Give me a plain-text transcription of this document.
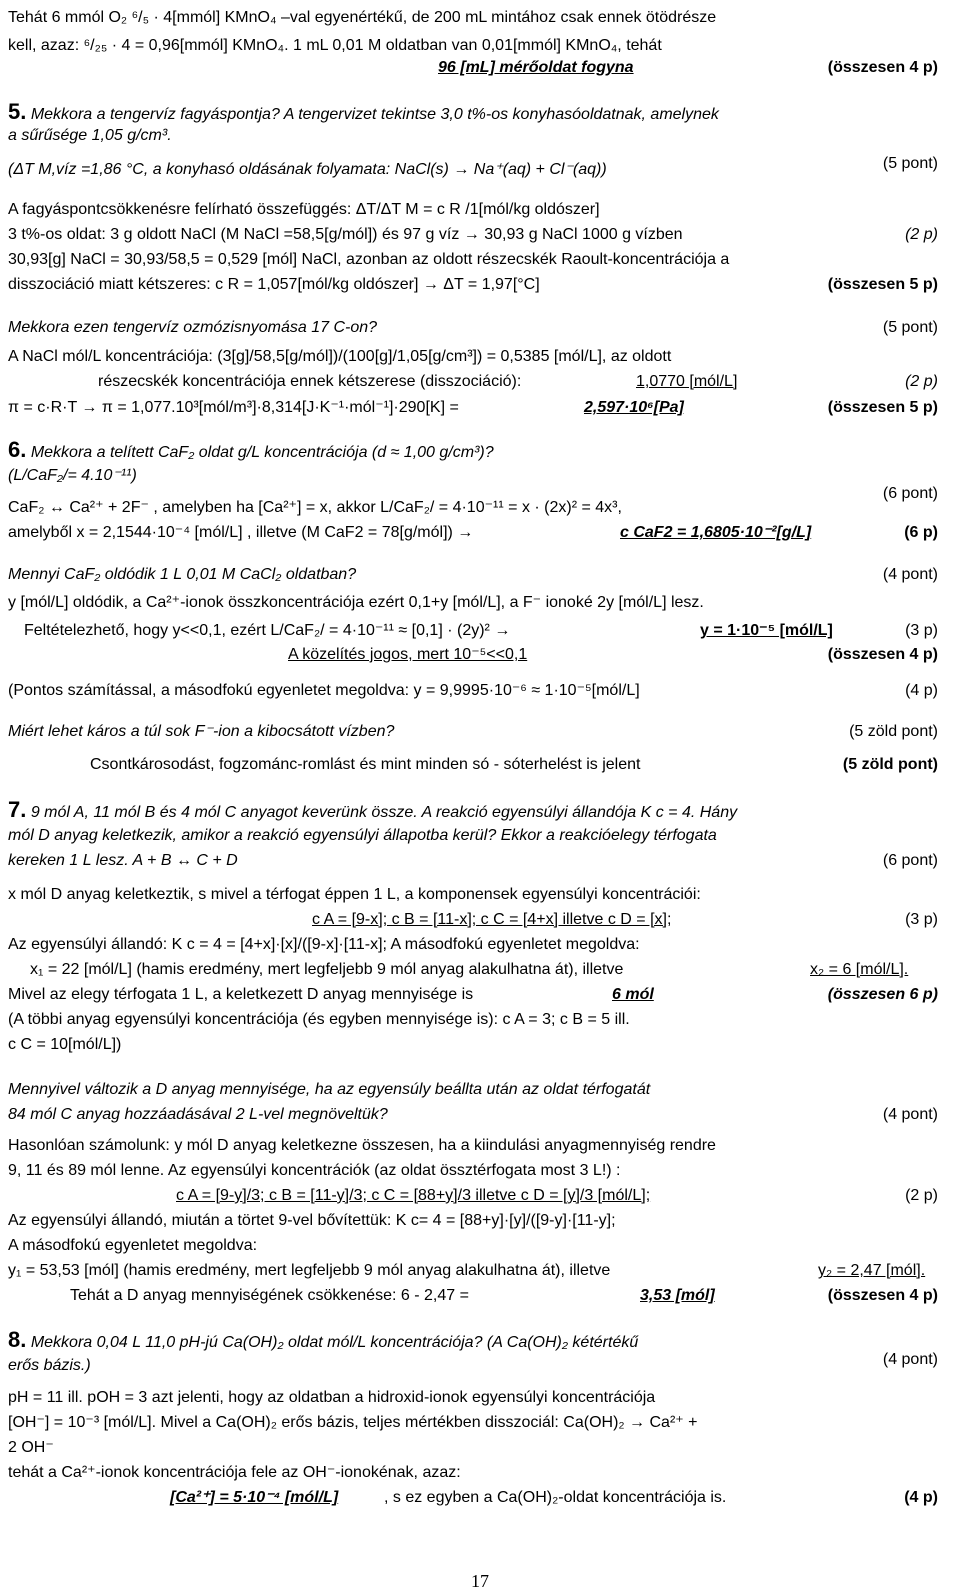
Tehát 6 mmól O₂ ⁶/₅ · 4[mmól] KMnO₄ –val egyenértékű, de 200 mL mintához csak ennek ötödrésze
kell, azaz: ⁶/₂₅ · 4 = 0,96[mmól] KMnO₄. 1 mL 0,01 M oldatban van 0,01[mmól] KMnO₄, tehát
96 [mL] mérőoldat fogyna	(összesen 4 p)
5. Mekkora a tengervíz fagyáspontja? A tengervizet tekintse 3,0 t%-os konyhasóoldatnak, amelynek
a sűrűsége 1,05 g/cm³.
(ΔT M,víz =1,86 °C, a konyhasó oldásának folyamata: NaCl(s) → Na⁺(aq) + Cl⁻(aq))	(5 pont)
A fagyáspontcsökkenésre felírható összefüggés: ΔT/ΔT M = c R /1[mól/kg oldószer]
3 t%-os oldat: 3 g oldott NaCl (M NaCl =58,5[g/mól]) és 97 g víz → 30,93 g NaCl 1000 g vízben	(2 p)
30,93[g] NaCl = 30,93/58,5 = 0,529 [mól] NaCl, azonban az oldott részecskék Raoult-koncentrációja a
disszociáció miatt kétszeres: c R = 1,057[mól/kg oldószer] → ΔT = 1,97[°C]	(összesen 5 p)
Mekkora ezen tengervíz ozmózisnyomása 17 C-on?	(5 pont)
A NaCl mól/L koncentrációja: (3[g]/58,5[g/mól])/(100[g]/1,05[g/cm³]) = 0,5385 [mól/L], az oldott
részecskék koncentrációja ennek kétszerese (disszociáció):	1,0770 [mól/L]	(2 p)
π = c·R·T → π = 1,077.10³[mól/m³]·8,314[J·K⁻¹·mól⁻¹]·290[K] =	2,597·10⁶[Pa]	(összesen 5 p)
6. Mekkora a telített CaF₂ oldat g/L koncentrációja (d ≈ 1,00 g/cm³)?
(L/CaF₂/= 4.10⁻¹¹)
(6 pont)
CaF₂ ↔ Ca²⁺ + 2F⁻ , amelyben ha [Ca²⁺] = x, akkor L/CaF₂/ = 4·10⁻¹¹ = x · (2x)² = 4x³,
amelyből x = 2,1544·10⁻⁴ [mól/L] , illetve (M CaF2 = 78[g/mól]) →	c CaF2 = 1,6805·10⁻²[g/L]	(6 p)
Mennyi CaF₂ oldódik 1 L 0,01 M CaCl₂ oldatban?	(4 pont)
y [mól/L] oldódik, a Ca²⁺-ionok összkoncentrációja ezért 0,1+y [mól/L], a F⁻ ionoké 2y [mól/L] lesz.
Feltételezhető, hogy y<<0,1, ezért L/CaF₂/ = 4·10⁻¹¹ ≈ [0,1] · (2y)² →	y = 1·10⁻⁵ [mól/L]	(3 p)
A közelítés jogos, mert 10⁻⁵<<0,1	(összesen 4 p)
(Pontos számítással, a másodfokú egyenletet megoldva: y = 9,9995·10⁻⁶ ≈ 1·10⁻⁵[mól/L]	(4 p)
Miért lehet káros a túl sok F⁻-ion a kibocsátott vízben?	(5 zöld pont)
Csontkárosodást, fogzománc-romlást és mint minden só - sóterhelést is jelent	(5 zöld pont)
7. 9 mól A, 11 mól B és 4 mól C anyagot keverünk össze. A reakció egyensúlyi állandója K c = 4. Hány
mól D anyag keletkezik, amikor a reakció egyensúlyi állapotba kerül? Ekkor a reakcióelegy térfogata
kereken 1 L lesz. A + B ↔ C + D	(6 pont)
x mól D anyag keletkeztik, s mivel a térfogat éppen 1 L, a komponensek egyensúlyi koncentrációi:
c A = [9-x]; c B = [11-x]; c C = [4+x] illetve c D = [x];	(3 p)
Az egyensúlyi állandó: K c = 4 = [4+x]·[x]/([9-x]·[11-x]; A másodfokú egyenletet megoldva:
x₁ = 22 [mól/L] (hamis eredmény, mert legfeljebb 9 mól anyag alakulhatna át), illetve	x₂ = 6 [mól/L].
Mivel az elegy térfogata 1 L, a keletkezett D anyag mennyisége is	6 mól	(összesen 6 p)
(A többi anyag egyensúlyi koncentrációja (és egyben mennyisége is): c A = 3; c B = 5 ill.
c C = 10[mól/L])
Mennyivel változik a D anyag mennyisége, ha az egyensúly beállta után az oldat térfogatát
84 mól C anyag hozzáadásával 2 L-vel megnöveltük?	(4 pont)
Hasonlóan számolunk: y mól D anyag keletkezne összesen, ha a kiindulási anyagmennyiség rendre
9, 11 és 89 mól lenne. Az egyensúlyi koncentrációk (az oldat össztérfogata most 3 L!) :
c A = [9-y]/3; c B = [11-y]/3; c C = [88+y]/3 illetve c D = [y]/3 [mól/L];	(2 p)
Az egyensúlyi állandó, miután a törtet 9-vel bővítettük: K c= 4 = [88+y]·[y]/([9-y]·[11-y];
A másodfokú egyenletet megoldva:
y₁ = 53,53 [mól] (hamis eredmény, mert legfeljebb 9 mól anyag alakulhatna át), illetve	y₂ = 2,47 [mól].
Tehát a D anyag mennyiségének csökkenése: 6 - 2,47 =	3,53 [mól]	(összesen 4 p)
8. Mekkora 0,04 L 11,0 pH-jú Ca(OH)₂ oldat mól/L koncentrációja? (A Ca(OH)₂ kétértékű
erős bázis.)	(4 pont)
pH = 11 ill. pOH = 3 azt jelenti, hogy az oldatban a hidroxid-ionok egyensúlyi koncentrációja
[OH⁻] = 10⁻³ [mól/L]. Mivel a Ca(OH)₂ erős bázis, teljes mértékben disszociál: Ca(OH)₂ → Ca²⁺ +
2 OH⁻
tehát a Ca²⁺-ionok koncentrációja fele az OH⁻-ionokénak, azaz:
[Ca²⁺] = 5·10⁻⁴ [mól/L]	, s ez egyben a Ca(OH)₂-oldat koncentrációja is.	(4 p)
17
